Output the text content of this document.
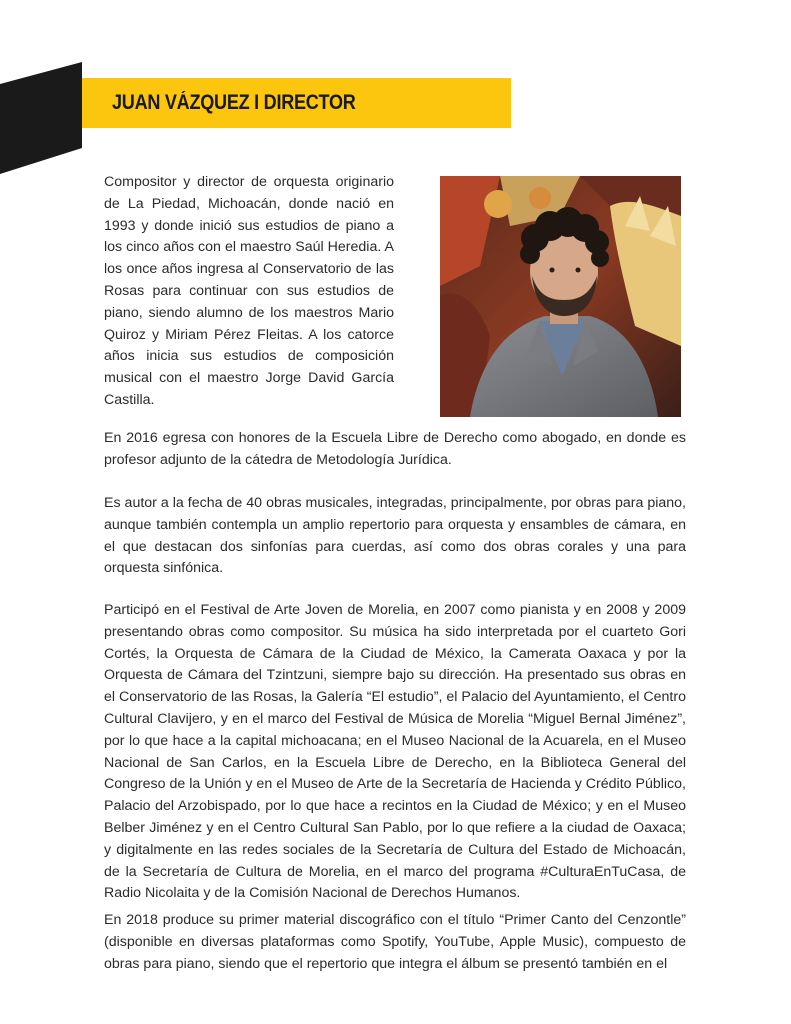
JUAN VÁZQUEZ I DIRECTOR

Compositor y director de orquesta originario de La Piedad, Michoacán, donde nació en 1993 y donde inició sus estudios de piano a los cinco años con el maestro Saúl Heredia. A los once años ingresa al Conservatorio de las Rosas para continuar con sus estudios de piano, siendo alumno de los maestros Mario Quiroz y Miriam Pérez Fleitas. A los catorce años inicia sus estudios de composición musical con el maestro Jorge David García Castilla.

En 2016 egresa con honores de la Escuela Libre de Derecho como abogado, en donde es profesor adjunto de la cátedra de Metodología Jurídica.

Es autor a la fecha de 40 obras musicales, integradas, principalmente, por obras para piano, aunque también contempla un amplio repertorio para orquesta y ensambles de cámara, en el que destacan dos sinfonías para cuerdas, así como dos obras corales y una para orquesta sinfónica.

Participó en el Festival de Arte Joven de Morelia, en 2007 como pianista y en 2008 y 2009 presentando obras como compositor. Su música ha sido interpretada por el cuarteto Gori Cortés, la Orquesta de Cámara de la Ciudad de México, la Camerata Oaxaca y por la Orquesta de Cámara del Tzintzuni, siempre bajo su dirección. Ha presentado sus obras en el Conservatorio de las Rosas, la Galería “El estudio”, el Palacio del Ayuntamiento, el Centro Cultural Clavijero, y en el marco del Festival de Música de Morelia “Miguel Bernal Jiménez”, por lo que hace a la capital michoacana; en el Museo Nacional de la Acuarela, en el Museo Nacional de San Carlos, en la Escuela Libre de Derecho, en la Biblioteca General del Congreso de la Unión y en el Museo de Arte de la Secretaría de Hacienda y Crédito Público, Palacio del Arzobispado, por lo que hace a recintos en la Ciudad de México; y en el Museo Belber Jiménez y en el Centro Cultural San Pablo, por lo que refiere a la ciudad de Oaxaca; y digitalmente en las redes sociales de la Secretaría de Cultura del Estado de Michoacán, de la Secretaría de Cultura de Morelia, en el marco del programa #CulturaEnTuCasa, de Radio Nicolaita y de la Comisión Nacional de Derechos Humanos.

En 2018 produce su primer material discográfico con el título “Primer Canto del Cenzontle” (disponible en diversas plataformas como Spotify, YouTube, Apple Music), compuesto de obras para piano, siendo que el repertorio que integra el álbum se presentó también en el
